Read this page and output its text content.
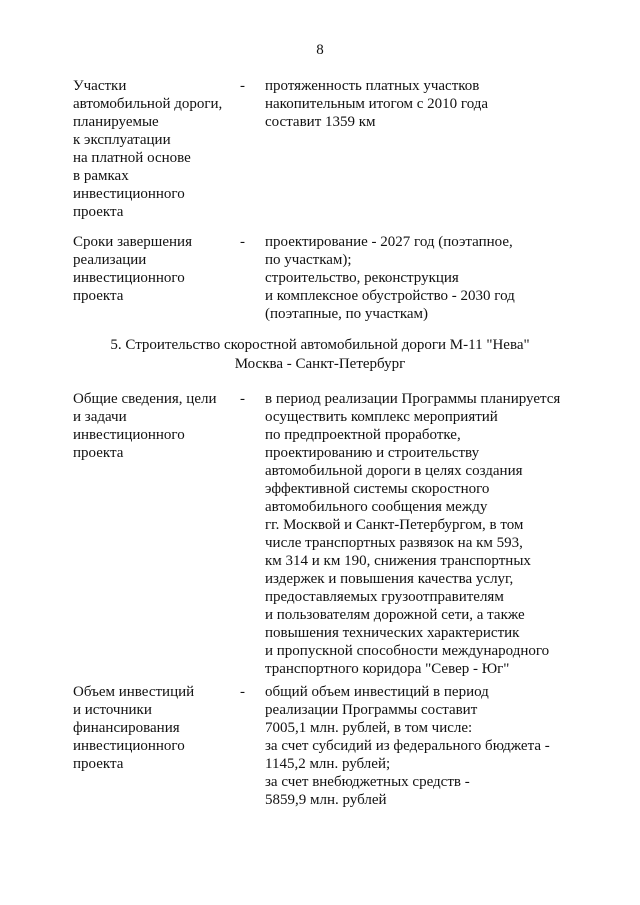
8
Участки
автомобильной дороги,
планируемые
к эксплуатации
на платной основе
в рамках
инвестиционного
проекта
- протяженность платных участков
накопительным итогом с 2010 года
составит 1359 км
Сроки завершения
реализации
инвестиционного
проекта
- проектирование - 2027 год (поэтапное,
по участкам);
строительство, реконструкция
и комплексное обустройство - 2030 год
(поэтапные, по участкам)
5. Строительство скоростной автомобильной дороги М-11 "Нева"
Москва - Санкт-Петербург
Общие сведения, цели
и задачи
инвестиционного
проекта
- в период реализации Программы планируется
осуществить комплекс мероприятий
по предпроектной проработке,
проектированию и строительству
автомобильной дороги в целях создания
эффективной системы скоростного
автомобильного сообщения между
гг. Москвой и Санкт-Петербургом, в том
числе транспортных развязок на км 593,
км 314 и км 190, снижения транспортных
издержек и повышения качества услуг,
предоставляемых грузоотправителям
и пользователям дорожной сети, а также
повышения технических характеристик
и пропускной способности международного
транспортного коридора "Север - Юг"
Объем инвестиций
и источники
финансирования
инвестиционного
проекта
- общий объем инвестиций в период
реализации Программы составит
7005,1 млн. рублей, в том числе:
за счет субсидий из федерального бюджета -
1145,2 млн. рублей;
за счет внебюджетных средств -
5859,9 млн. рублей
